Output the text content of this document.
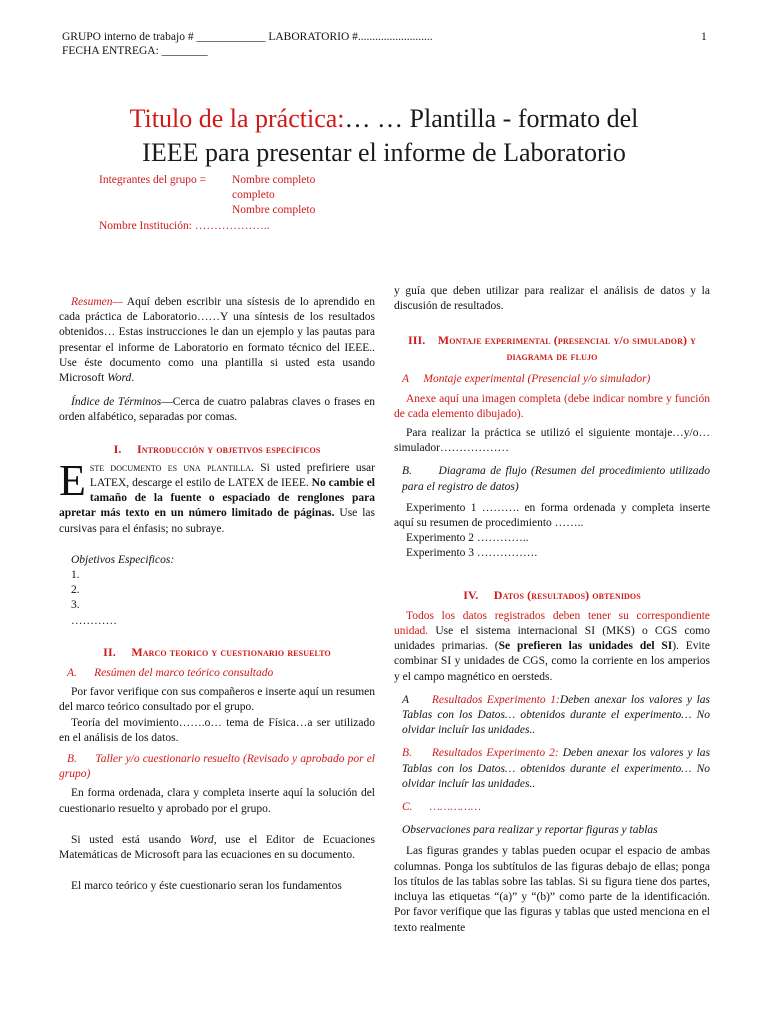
GRUPO interno de trabajo # ____________ LABORATORIO #..........................
FECHA ENTREGA: ________
1
Titulo de la práctica:… … Plantilla - formato del
IEEE para presentar el informe de Laboratorio
Integrantes del grupo = Nombre completo
completo
Nombre completo
Nombre Institución: ………………..

Resumen— Aquí deben escribir una sístesis de lo aprendido en cada práctica de Laboratorio……Y una síntesis de los resultados obtenidos… Estas instrucciones le dan un ejemplo y las pautas para presentar el informe de Laboratorio en formato técnico del IEEE.. Use éste documento como una plantilla si usted esta usando Microsoft Word.

Índice de Términos—Cerca de cuatro palabras claves o frases en orden alfabético, separadas por comas.

I. Introducción y objetivos específicos

Este documento es una plantilla. Si usted prefiriere usar LATEX, descarge el estilo de LATEX de IEEE. No cambie el tamaño de la fuente o espaciado de renglones para apretar más texto en un número limitado de páginas. Use las cursivas para el énfasis; no subraye.

Objetivos Especificos:

1.

2.

3.

…………

II. Marco teorico y cuestionario resuelto

A. Resúmen del marco teórico consultado

Por favor verifique con sus compañeros e inserte aquí un resumen del marco teórico consultado por el grupo.

Teoría del movimiento…….o… tema de Física…a ser utilizado en el análisis de los datos.

B. Taller y/o cuestionario resuelto (Revisado y aprobado por el grupo)

En forma ordenada, clara y completa inserte aquí la solución del cuestionario resuelto y aprobado por el grupo.

Si usted está usando Word, use el Editor de Ecuaciones Matemáticas de Microsoft para las ecuaciones en su documento.

El marco teórico y éste cuestionario seran los fundamentos

y guía que deben utilizar para realizar el análisis de datos y la discusión de resultados.

III. Montaje experimental (presencial y/o simulador) y diagrama de flujo

A Montaje experimental (Presencial y/o simulador)

Anexe aquí una imagen completa (debe indicar nombre y función de cada elemento dibujado).

Para realizar la práctica se utilizó el siguiente montaje…y/o…simulador………………

B. Diagrama de flujo (Resumen del procedimiento utilizado para el registro de datos)

Experimento 1 ………. en forma ordenada y completa inserte aquí su resumen de procedimiento ……..

Experimento 2 …………..

Experimento 3 …………….

IV. Datos (resultados) obtenidos

Todos los datos registrados deben tener su correspondiente unidad. Use el sistema internacional SI (MKS) o CGS como unidades primarias. (Se prefieren las unidades del SI). Evite combinar SI y unidades de CGS, como la corriente en los amperios y el campo magnético en oersteds.

A Resultados Experimento 1:Deben anexar los valores y las Tablas con los Datos… obtenidos durante el experimento… No olvidar incluír las unidades..

B. Resultados Experimento 2: Deben anexar los valores y las Tablas con los Datos… obtenidos durante el experimento… No olvidar incluír las unidades..

C. ……………

Observaciones para realizar y reportar figuras y tablas

Las figuras grandes y tablas pueden ocupar el espacio de ambas columnas. Ponga los subtítulos de las figuras debajo de ellas; ponga los títulos de las tablas sobre las tablas. Si su figura tiene dos partes, incluya las etiquetas “(a)” y “(b)” como parte de la identificación. Por favor verifique que las figuras y tablas que usted menciona en el texto realmente
